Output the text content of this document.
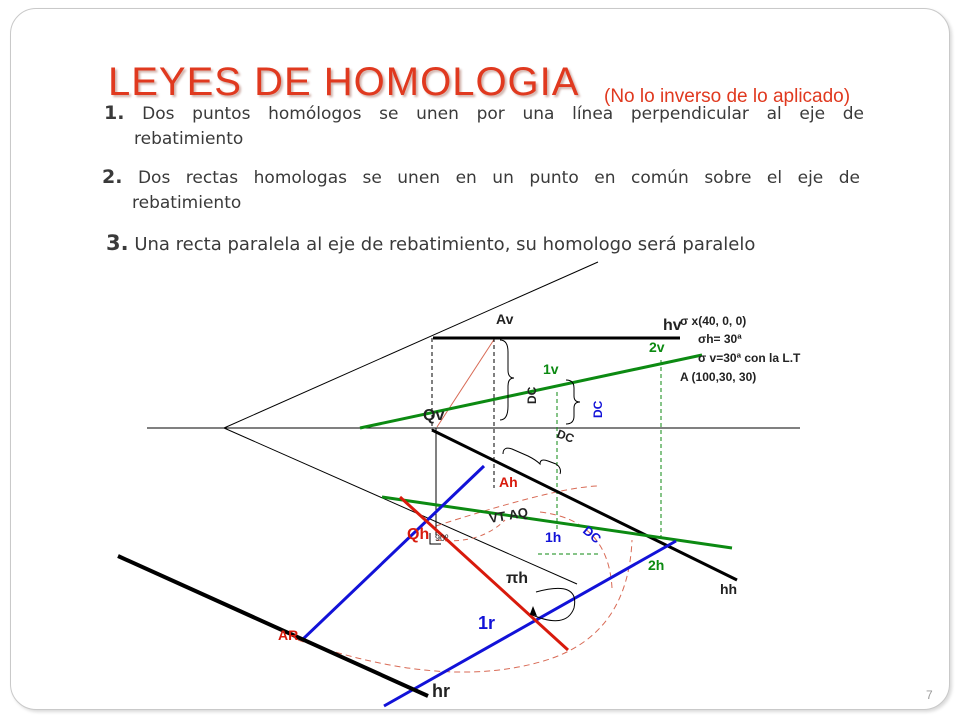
LEYES DE HOMOLOGIA
1. Dos puntos homólogos se unen por una línea perpendicular al eje de
rebatimiento
(No lo inverso de lo aplicado)
2. Dos rectas homologas se unen en un punto en común sobre el eje de
rebatimiento
3. Una recta paralela al eje de rebatimiento, su homologo será paralelo
Av	hv
1v
2v
Qv
DC
DC
DC
Ah
VT AQ
Qh 90º	1h DC
2h
hh
πh
1r
AR
hr
σ x(40, 0, 0)
σh= 30ª
σ v=30ª con la L.T
A (100,30, 30)
7
